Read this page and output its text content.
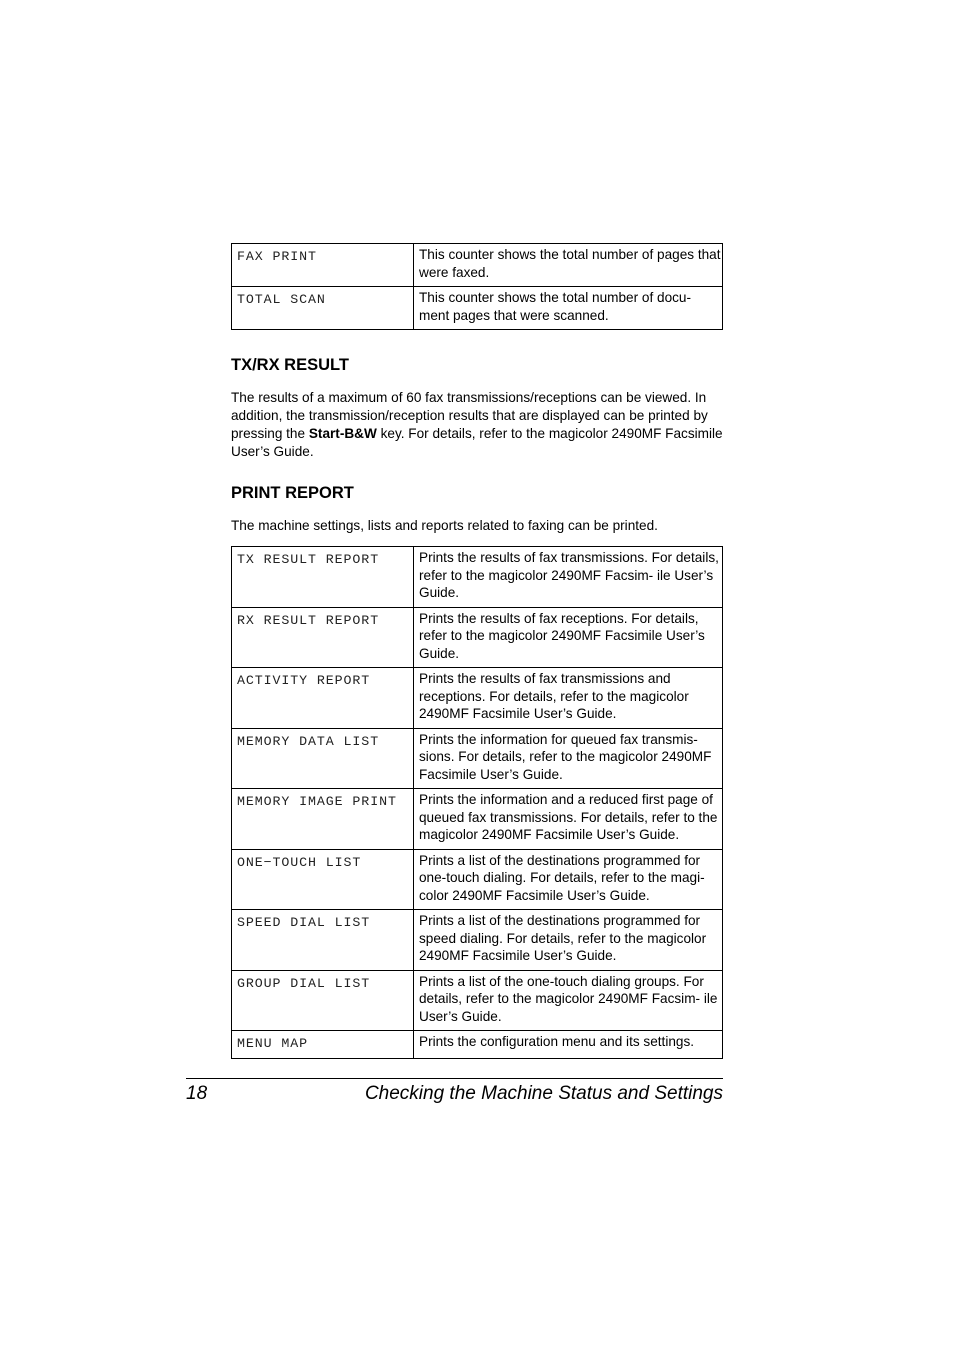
FAX PRINT	This counter shows the total number of pages that were faxed.
TOTAL SCAN	This counter shows the total number of docu- ment pages that were scanned.
TX/RX RESULT

The results of a maximum of 60 fax transmissions/receptions can be viewed. In addition, the transmission/reception results that are displayed can be printed by pressing the Start-B&W key. For details, refer to the magicolor 2490MF Facsimile User’s Guide.

PRINT REPORT

The machine settings, lists and reports related to faxing can be printed.

TX RESULT REPORT	Prints the results of fax transmissions. For details, refer to the magicolor 2490MF Facsim- ile User’s Guide.
RX RESULT REPORT	Prints the results of fax receptions. For details, refer to the magicolor 2490MF Facsimile User’s Guide.
ACTIVITY REPORT	Prints the results of fax transmissions and receptions. For details, refer to the magicolor 2490MF Facsimile User’s Guide.
MEMORY DATA LIST	Prints the information for queued fax transmis- sions. For details, refer to the magicolor 2490MF Facsimile User’s Guide.
MEMORY IMAGE PRINT	Prints the information and a reduced first page of queued fax transmissions. For details, refer to the magicolor 2490MF Facsimile User’s Guide.
ONE−TOUCH LIST	Prints a list of the destinations programmed for one-touch dialing. For details, refer to the magi- color 2490MF Facsimile User’s Guide.
SPEED DIAL LIST	Prints a list of the destinations programmed for speed dialing. For details, refer to the magicolor 2490MF Facsimile User’s Guide.
GROUP DIAL LIST	Prints a list of the one-touch dialing groups. For details, refer to the magicolor 2490MF Facsim- ile User’s Guide.
MENU MAP	Prints the configuration menu and its settings.
18	Checking the Machine Status and Settings
